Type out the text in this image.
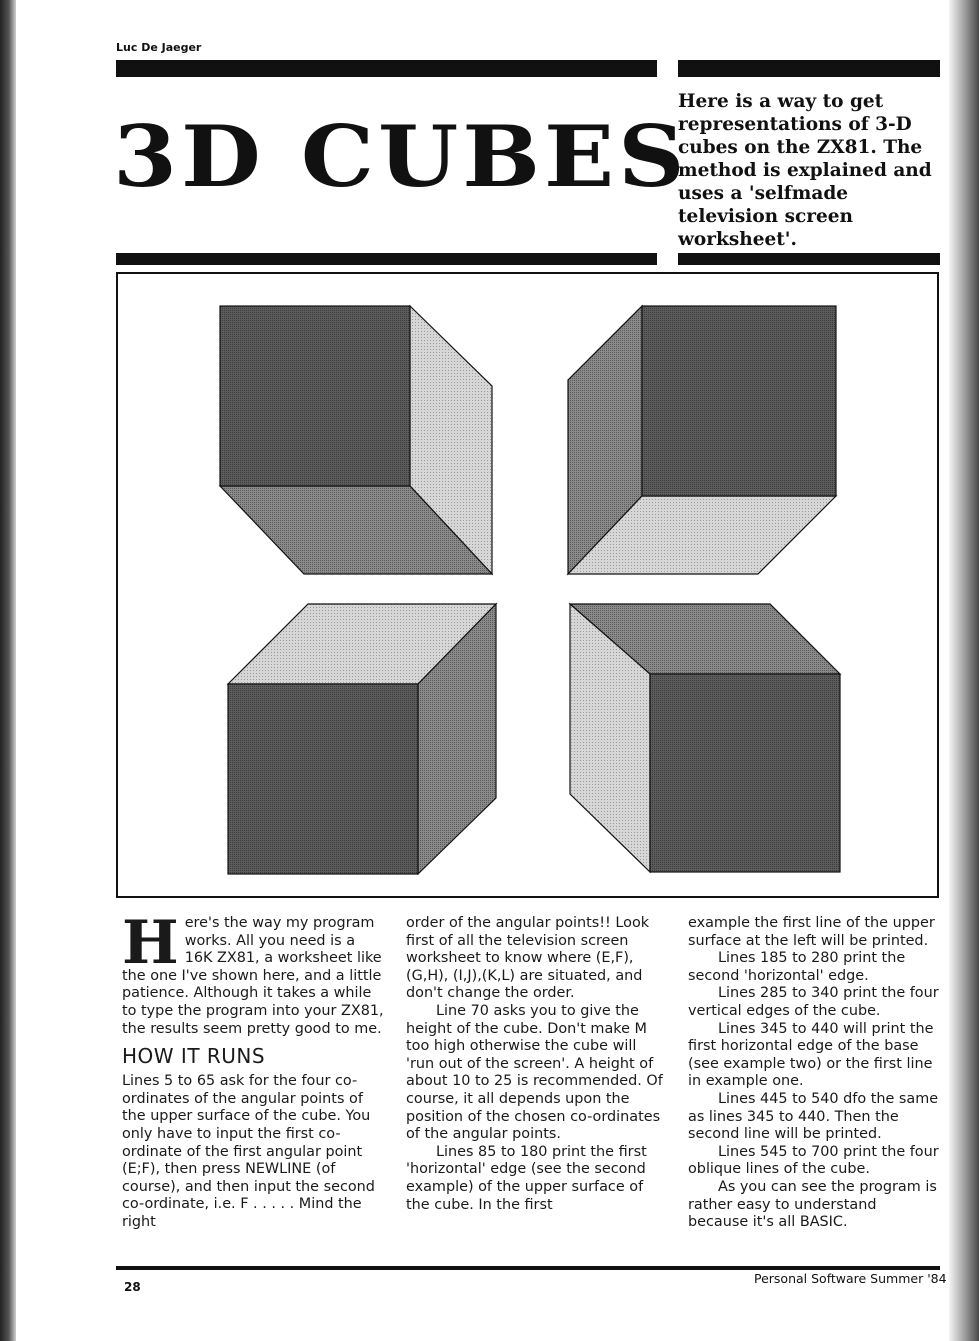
Luc De Jaeger
3D CUBES

Here is a way to get representations of 3-D cubes on the ZX81. The method is explained and uses a 'selfmade television screen worksheet'.

Here's the way my program works. All you need is a 16K ZX81, a worksheet like the one I've shown here, and a little patience. Although it takes a while to type the program into your ZX81, the results seem pretty good to me.

HOW IT RUNS

Lines 5 to 65 ask for the four co-ordinates of the angular points of the upper surface of the cube. You only have to input the first co-ordinate of the first angular point (E;F), then press NEWLINE (of course), and then input the second co-ordinate, i.e. F . . . . . Mind the right

order of the angular points!! Look first of all the television screen worksheet to know where (E,F), (G,H), (I,J),(K,L) are situated, and don't change the order.

Line 70 asks you to give the height of the cube. Don't make M too high otherwise the cube will 'run out of the screen'. A height of about 10 to 25 is recommended. Of course, it all depends upon the position of the chosen co-ordinates of the angular points.

Lines 85 to 180 print the first 'horizontal' edge (see the second example) of the upper surface of the cube. In the first

example the first line of the upper surface at the left will be printed.

Lines 185 to 280 print the second 'horizontal' edge.

Lines 285 to 340 print the four vertical edges of the cube.

Lines 345 to 440 will print the first horizontal edge of the base (see example two) or the first line in example one.

Lines 445 to 540 dfo the same as lines 345 to 440. Then the second line will be printed.

Lines 545 to 700 print the four oblique lines of the cube.

As you can see the program is rather easy to understand because it's all BASIC.

28
Personal Software Summer '84
